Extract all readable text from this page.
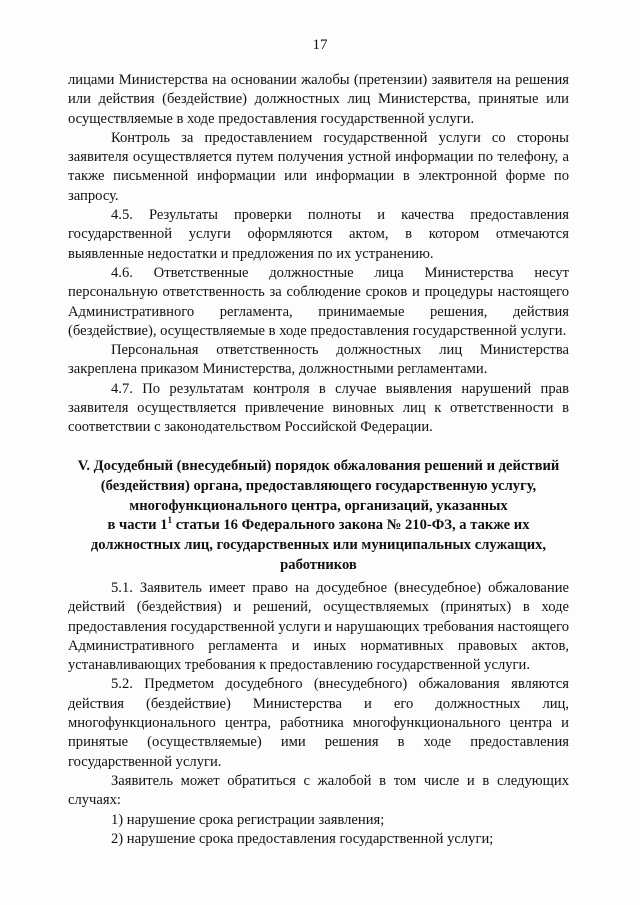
17

лицами Министерства на основании жалобы (претензии) заявителя на решения или действия (бездействие) должностных лиц Министерства, принятые или осуществляемые в ходе предоставления государственной услуги.

Контроль за предоставлением государственной услуги со стороны заявителя осуществляется путем получения устной информации по телефону, а также письменной информации или информации в электронной форме по запросу.

4.5. Результаты проверки полноты и качества предоставления государственной услуги оформляются актом, в котором отмечаются выявленные недостатки и предложения по их устранению.

4.6. Ответственные должностные лица Министерства несут персональную ответственность за соблюдение сроков и процедуры настоящего Административного регламента, принимаемые решения, действия (бездействие), осуществляемые в ходе предоставления государственной услуги.

Персональная ответственность должностных лиц Министерства закреплена приказом Министерства, должностными регламентами.

4.7. По результатам контроля в случае выявления нарушений прав заявителя осуществляется привлечение виновных лиц к ответственности в соответствии с законодательством Российской Федерации.

V. Досудебный (внесудебный) порядок обжалования решений и действий
(бездействия) органа, предоставляющего государственную услугу,
многофункционального центра, организаций, указанных
в части $1^1$ статьи 16 Федерального закона № 210-ФЗ, а также их
должностных лиц, государственных или муниципальных служащих,
работников

5.1. Заявитель имеет право на досудебное (внесудебное) обжалование действий (бездействия) и решений, осуществляемых (принятых) в ходе предоставления государственной услуги и нарушающих требования настоящего Административного регламента и иных нормативных правовых актов, устанавливающих требования к предоставлению государственной услуги.

5.2. Предметом досудебного (внесудебного) обжалования являются действия (бездействие) Министерства и его должностных лиц, многофункционального центра, работника многофункционального центра и принятые (осуществляемые) ими решения в ходе предоставления государственной услуги.

Заявитель может обратиться с жалобой в том числе и в следующих случаях:

1) нарушение срока регистрации заявления;

2) нарушение срока предоставления государственной услуги;
